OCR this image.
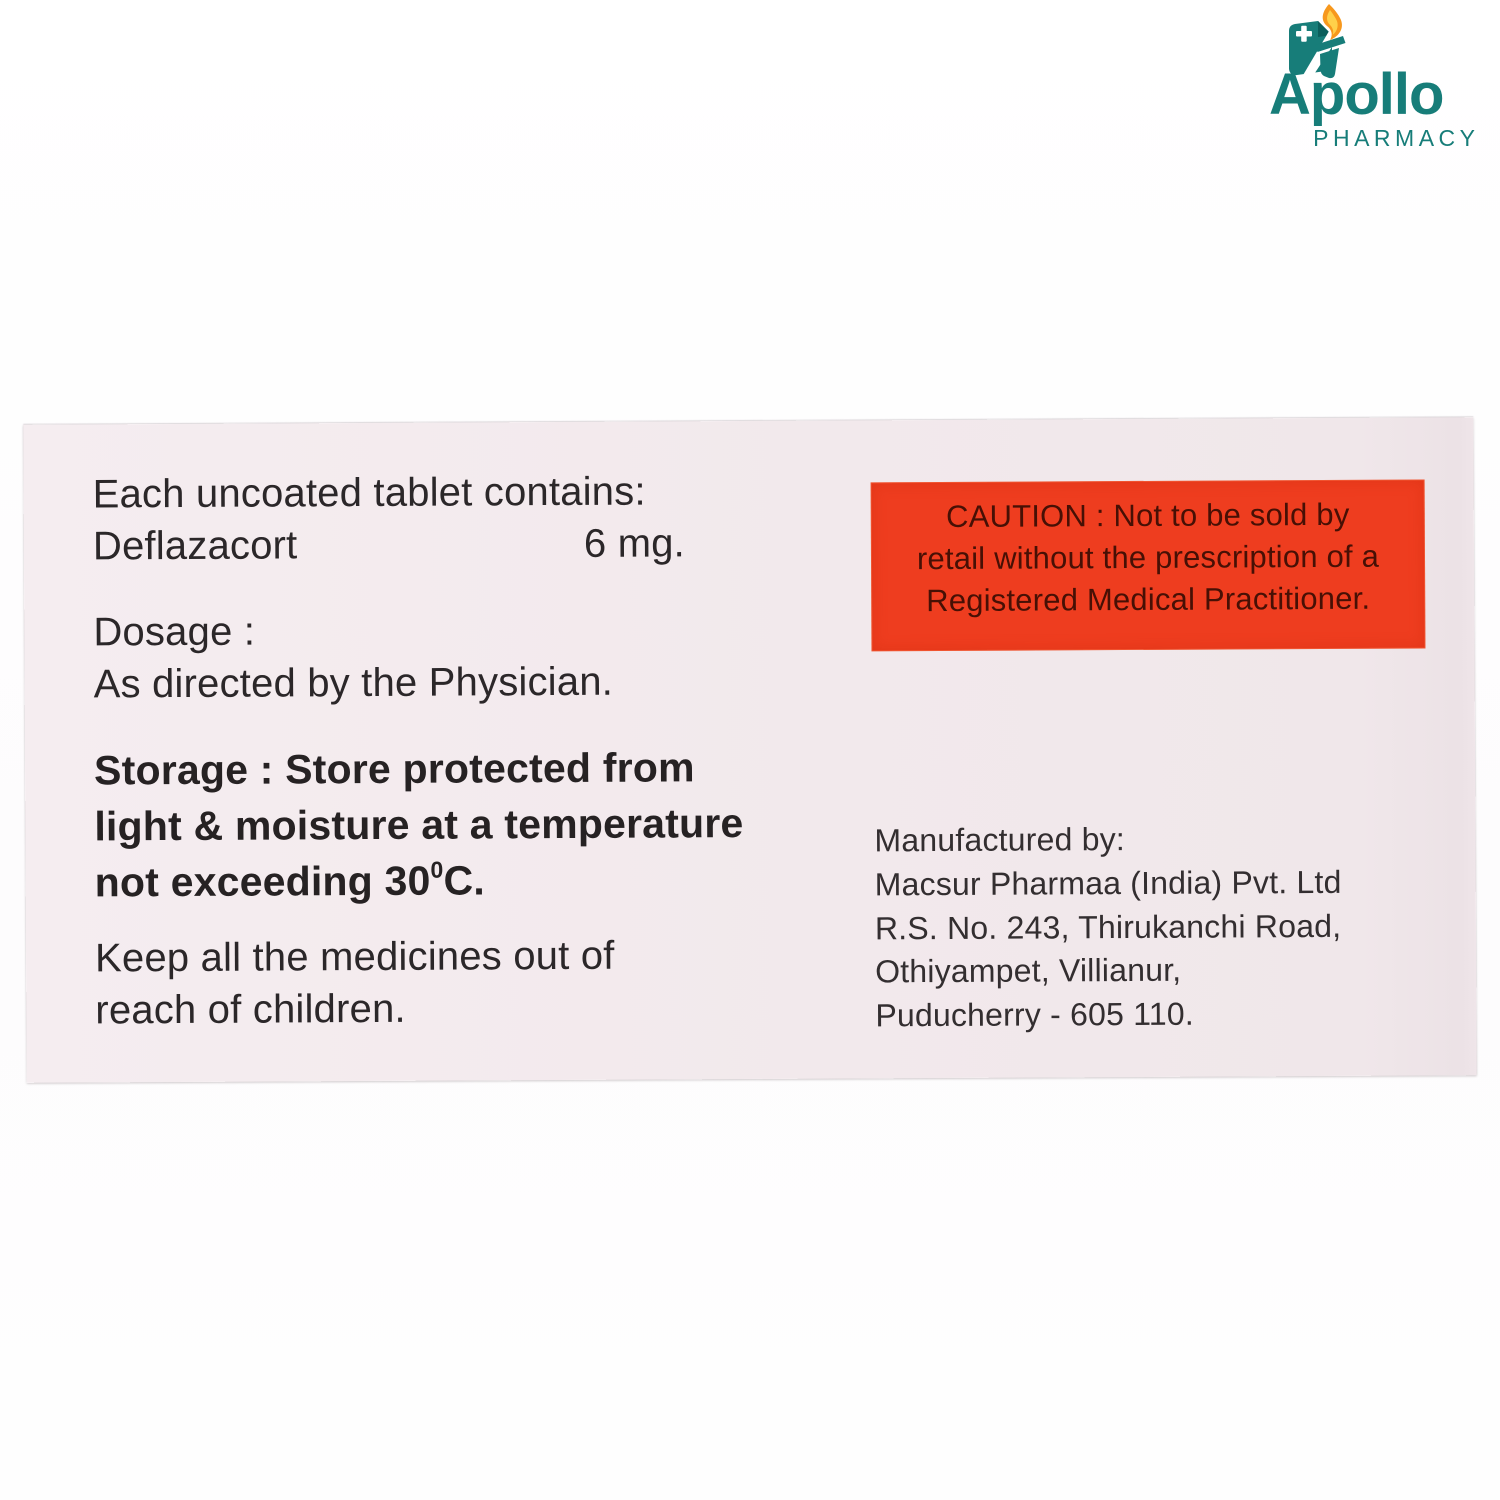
Apollo
PHARMACY
Each uncoated tablet contains:
Deflazacort	6 mg.
Dosage :
As directed by the Physician.
Storage : Store protected from
light & moisture at a temperature
not exceeding $30^0C$.
Keep all the medicines out of
reach of children.
CAUTION : Not to be sold by
retail without the prescription of a
Registered Medical Practitioner.
Manufactured by:
Macsur Pharmaa (India) Pvt. Ltd
R.S. No. 243, Thirukanchi Road,
Othiyampet, Villianur,
Puducherry - 605 110.
